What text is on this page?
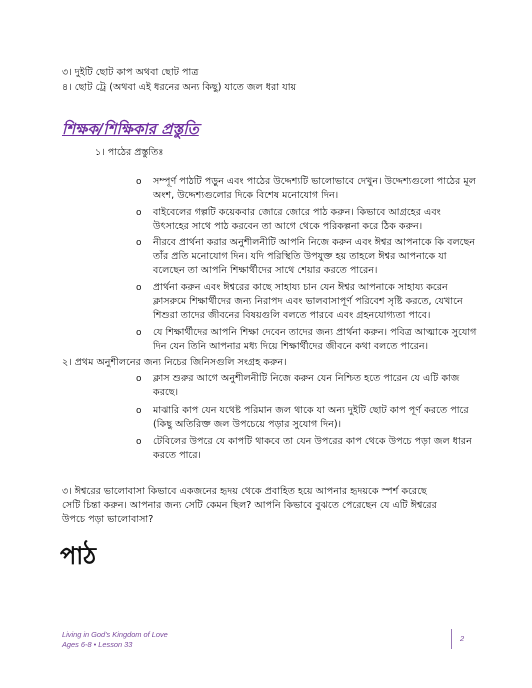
৩। দুইটি ছোট কাপ অথবা ছোট পাত্র
৪। ছোট ট্রে (অথবা এই ধরনের অন্য কিছু) যাতে জল ধরা যায়
শিক্ষক/শিক্ষিকার প্রস্তুতি
১। পাঠের প্রস্তুতিঃ
o সম্পূর্ণ পাঠটি পড়ুন এবং পাঠের উদ্দেশ্যটি ভালোভাবে দেখুন। উদ্দেশ্যগুলো পাঠের মূল
অংশ, উদ্দেশ্যগুলোর দিকে বিশেষ মনোযোগ দিন।
o বাইবেলের গল্পটি কয়েকবার জোরে জোরে পাঠ করুন। কিভাবে আগ্রহের এবং
উৎসাহের সাথে পাঠ করবেন তা আগে থেকে পরিকল্পনা করে ঠিক করুন।
o নীরবে প্রার্থনা করার অনুশীলনীটি আপনি নিজে করুন এবং ঈশ্বর আপনাকে কি বলছেন
তাঁর প্রতি মনোযোগ দিন। যদি পরিস্থিতি উপযুক্ত হয় তাহলে ঈশ্বর আপনাকে যা
বলেছেন তা আপনি শিক্ষার্থীদের সাথে শেয়ার করতে পারেন।
o প্রার্থনা করুন এবং ঈশ্বরের কাছে সাহায্য চান যেন ঈশ্বর আপনাকে সাহায্য করেন
ক্লাসরুমে শিক্ষার্থীদের জন্য নিরাপদ এবং ভালবাসাপূর্ণ পরিবেশ সৃষ্টি করতে, যেখানে
শিশুরা তাদের জীবনের বিষয়গুলি বলতে পারবে এবং গ্রহনযোগ্যতা পাবে।
o যে শিক্ষার্থীদের আপনি শিক্ষা দেবেন তাদের জন্য প্রার্থনা করুন। পবিত্র আত্মাকে সুযোগ
দিন যেন তিনি আপনার মধ্য দিয়ে শিক্ষার্থীদের জীবনে কথা বলতে পারেন।
২। প্রথম অনুশীলনের জন্য নিচের জিনিসগুলি সংগ্রহ করুন।
o ক্লাস শুরুর আগে অনুশীলনীটি নিজে করুন যেন নিশ্চিত হতে পারেন যে এটি কাজ
করছে।
o মাঝারি কাপ যেন যথেষ্ট পরিমান জল থাকে যা অন্য দুইটি ছোট কাপ পূর্ণ করতে পারে
(কিছু অতিরিক্ত জল উপচেয়ে পড়ার সুযোগ দিন)।
o টেবিলের উপরে যে কাপটি থাকবে তা যেন উপরের কাপ থেকে উপচে পড়া জল ধারন
করতে পারে।
৩। ঈশ্বরের ভালোবাসা কিভাবে একজনের হৃদয় থেকে প্রবাহিত হয়ে আপনার হৃদয়কে স্পর্শ করেছে
সেটি চিন্তা করুন। আপনার জন্য সেটি কেমন ছিল? আপনি কিভাবে বুঝতে পেরেছেন যে এটি ঈশ্বরের
উপচে পড়া ভালোবাসা?
পাঠ
Living in God's Kingdom of Love
Ages 6-8 • Lesson 33
2
